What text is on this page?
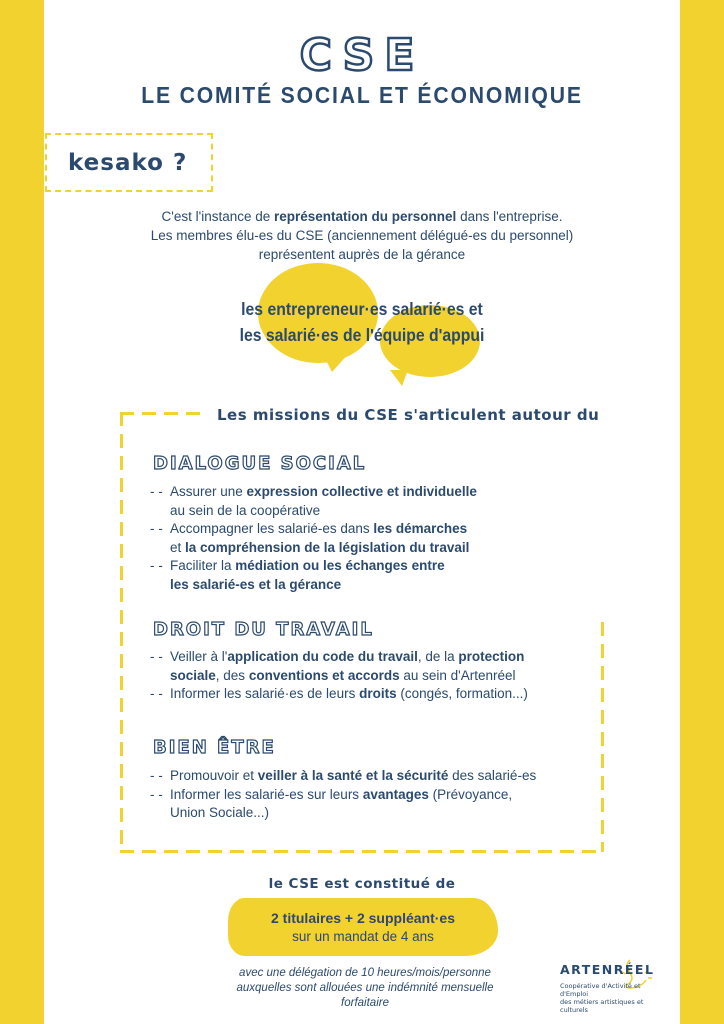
CSE
LE COMITÉ SOCIAL ET ÉCONOMIQUE
kesako ?
C'est l'instance de représentation du personnel dans l'entreprise.
Les membres élu-es du CSE (anciennement délégué-es du personnel)
représentent auprès de la gérance
les entrepreneur·es salarié·es et
les salarié·es de l'équipe d'appui
Les missions du CSE s'articulent autour du
DIALOGUE SOCIAL
- - Assurer une expression collective et individuelle
au sein de la coopérative
- - Accompagner les salarié-es dans les démarches
et la compréhension de la législation du travail
- - Faciliter la médiation ou les échanges entre
les salarié-es et la gérance
DROIT DU TRAVAIL
- - Veiller à l'application du code du travail, de la protection
sociale, des conventions et accords au sein d'Artenréel
- - Informer les salarié·es de leurs droits (congés, formation...)
BIEN ÊTRE
- - Promouvoir et veiller à la santé et la sécurité des salarié-es
- - Informer les salarié-es sur leurs avantages (Prévoyance,
Union Sociale...)
le CSE est constitué de
2 titulaires + 2 suppléant·es
sur un mandat de 4 ans
avec une délégation de 10 heures/mois/personne
auxquelles sont allouées une indémnité mensuelle forfaitaire
ARTENRÉEL
Coopérative d'Activité et d'Emploi
des métiers artistiques et culturels
